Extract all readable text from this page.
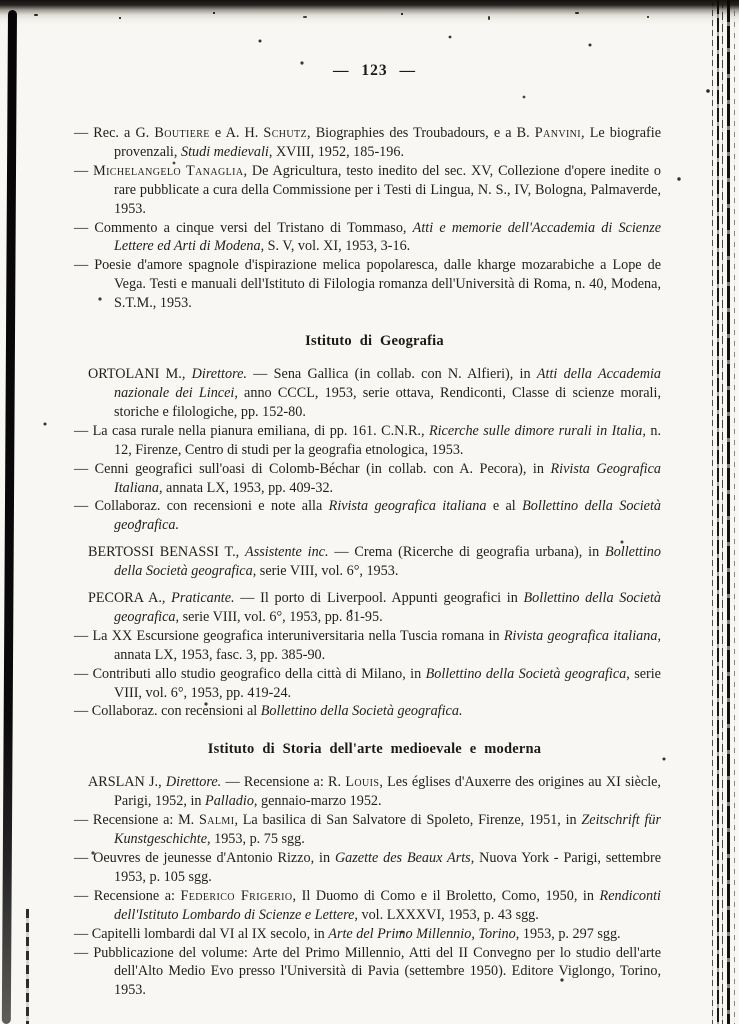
— 123 —

— Rec. a G. Boutiere e A. H. Schutz, Biographies des Troubadours, e a B. Panvini, Le biografie provenzali, Studi medievali, XVIII, 1952, 185-196.

— Michelangelo Tanaglia, De Agricultura, testo inedito del sec. XV, Collezione d'opere inedite o rare pubblicate a cura della Commissione per i Testi di Lingua, N. S., IV, Bologna, Palmaverde, 1953.

— Commento a cinque versi del Tristano di Tommaso, Atti e memorie dell'Accademia di Scienze Lettere ed Arti di Modena, S. V, vol. XI, 1953, 3-16.

— Poesie d'amore spagnole d'ispirazione melica popolaresca, dalle kharge mozarabiche a Lope de Vega. Testi e manuali dell'Istituto di Filologia romanza dell'Università di Roma, n. 40, Modena, S.T.M., 1953.

Istituto di Geografia

ORTOLANI M., Direttore. — Sena Gallica (in collab. con N. Alfieri), in Atti della Accademia nazionale dei Lincei, anno CCCL, 1953, serie ottava, Rendiconti, Classe di scienze morali, storiche e filologiche, pp. 152-80.

— La casa rurale nella pianura emiliana, di pp. 161. C.N.R., Ricerche sulle dimore rurali in Italia, n. 12, Firenze, Centro di studi per la geografia etnologica, 1953.

— Cenni geografici sull'oasi di Colomb-Béchar (in collab. con A. Pecora), in Rivista Geografica Italiana, annata LX, 1953, pp. 409-32.

— Collaboraz. con recensioni e note alla Rivista geografica italiana e al Bollettino della Società geografica.

BERTOSSI BENASSI T., Assistente inc. — Crema (Ricerche di geografia urbana), in Bollettino della Società geografica, serie VIII, vol. 6°, 1953.

PECORA A., Praticante. — Il porto di Liverpool. Appunti geografici in Bollettino della Società geografica, serie VIII, vol. 6°, 1953, pp. 81-95.

— La XX Escursione geografica interuniversitaria nella Tuscia romana in Rivista geografica italiana, annata LX, 1953, fasc. 3, pp. 385-90.

— Contributi allo studio geografico della città di Milano, in Bollettino della Società geografica, serie VIII, vol. 6°, 1953, pp. 419-24.

— Collaboraz. con recensioni al Bollettino della Società geografica.

Istituto di Storia dell'arte medioevale e moderna

ARSLAN J., Direttore. — Recensione a: R. Louis, Les églises d'Auxerre des origines au XI siècle, Parigi, 1952, in Palladio, gennaio-marzo 1952.

— Recensione a: M. Salmi, La basilica di San Salvatore di Spoleto, Firenze, 1951, in Zeitschrift für Kunstgeschichte, 1953, p. 75 sgg.

— Oeuvres de jeunesse d'Antonio Rizzo, in Gazette des Beaux Arts, Nuova York - Parigi, settembre 1953, p. 105 sgg.

— Recensione a: Federico Frigerio, Il Duomo di Como e il Broletto, Como, 1950, in Rendiconti dell'Istituto Lombardo di Scienze e Lettere, vol. LXXXVI, 1953, p. 43 sgg.

— Capitelli lombardi dal VI al IX secolo, in Arte del Primo Millennio, Torino, 1953, p. 297 sgg.

— Pubblicazione del volume: Arte del Primo Millennio, Atti del II Convegno per lo studio dell'arte dell'Alto Medio Evo presso l'Università di Pavia (settembre 1950). Editore Viglongo, Torino, 1953.
